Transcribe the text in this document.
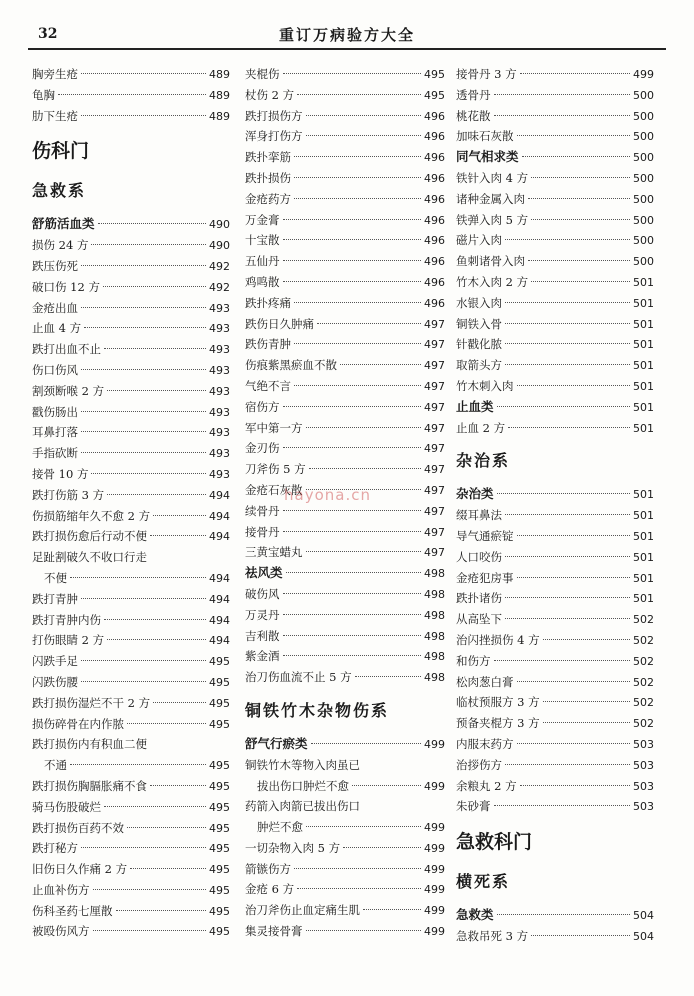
32	重订万病验方大全
胸旁生疮	489
龟胸	489
肋下生疮	489
伤科门
急救系
舒筋活血类	490
损伤 24 方	490
跌压伤死	492
破口伤 12 方	492
金疮出血	493
止血 4 方	493
跌打出血不止	493
伤口伤风	493
割颈断喉 2 方	493
戳伤肠出	493
耳鼻打落	493
手指砍断	493
接骨 10 方	493
跌打伤筋 3 方	494
伤损筋缩年久不愈 2 方	494
跌打损伤愈后行动不便	494
足趾割破久不收口行走
不便	494
跌打青肿	494
跌打青肿内伤	494
打伤眼睛 2 方	494
闪跌手足	495
闪跌伤腰	495
跌打损伤湿烂不干 2 方	495
损伤碎骨在内作脓	495
跌打损伤内有积血二便
不通	495
跌打损伤胸膈胀痛不食	495
骑马伤股破烂	495
跌打损伤百药不效	495
跌打秘方	495
旧伤日久作痛 2 方	495
止血补伤方	495
伤科圣药七厘散	495
被殴伤风方	495
夹棍伤	495
杖伤 2 方	495
跌打损伤方	496
浑身打伤方	496
跌扑挛筋	496
跌扑损伤	496
金疮药方	496
万金膏	496
十宝散	496
五仙丹	496
鸡鸣散	496
跌扑疼痛	496
跌伤日久肿痛	497
跌伤青肿	497
伤痕紫黑瘀血不散	497
气绝不言	497
宿伤方	497
军中第一方	497
金刃伤	497
刀斧伤 5 方	497
金疮石灰散	497
续骨丹	497
接骨丹	497
三黄宝蜡丸	497
祛风类	498
破伤风	498
万灵丹	498
吉利散	498
紫金酒	498
治刀伤血流不止 5 方	498
铜铁竹木杂物伤系
舒气行瘀类	499
铜铁竹木等物入肉虽已
拔出伤口肿烂不愈	499
药箭入肉箭已拔出伤口
肿烂不愈	499
一切杂物入肉 5 方	499
箭镞伤方	499
金疮 6 方	499
治刀斧伤止血定痛生肌	499
集灵接骨膏	499
接骨丹 3 方	499
透骨丹	500
桃花散	500
加味石灰散	500
同气相求类	500
铁针入肉 4 方	500
诸种金属入肉	500
铁弹入肉 5 方	500
磁片入肉	500
鱼刺诸骨入肉	500
竹木入肉 2 方	501
水银入肉	501
铜铁入骨	501
针戳化脓	501
取箭头方	501
竹木刺入肉	501
止血类	501
止血 2 方	501
杂治系
杂治类	501
缀耳鼻法	501
导气通瘀锭	501
人口咬伤	501
金疮犯房事	501
跌扑诸伤	501
从高坠下	502
治闪挫损伤 4 方	502
和伤方	502
松肉葱白膏	502
临杖预服方 3 方	502
预备夹棍方 3 方	502
内服末药方	503
治拶伤方	503
余粮丸 2 方	503
朱砂膏	503
急救科门
横死系
急救类	504
急救吊死 3 方	504
hayona.cn
